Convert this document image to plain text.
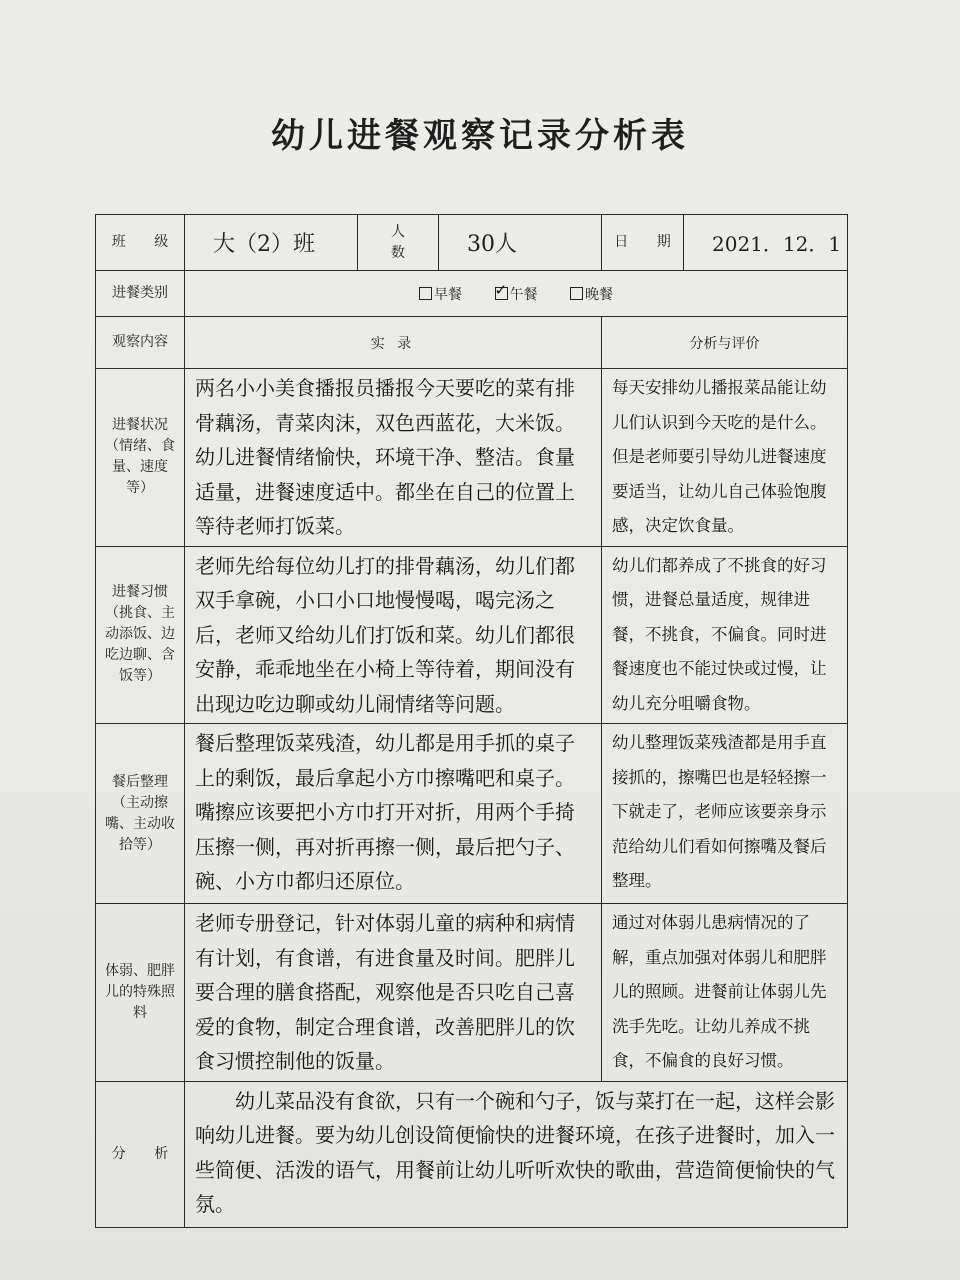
幼儿进餐观察记录分析表
班 级	大（2）班	人 数	30人	日 期	2021．12．1
进餐类别	早餐 ✓ 午餐 晚餐
观察内容	实 录			分析与评价	
进餐状况（情绪、食量、速度等）	两名小小美食播报员播报今天要吃的菜有排骨藕汤，青菜肉沫，双色西蓝花，大米饭。幼儿进餐情绪愉快，环境干净、整洁。食量适量，进餐速度适中。都坐在自己的位置上等待老师打饭菜。			每天安排幼儿播报菜品能让幼儿们认识到今天吃的是什么。但是老师要引导幼儿进餐速度要适当，让幼儿自己体验饱腹感，决定饮食量。	
进餐习惯（挑食、主动添饭、边吃边聊、含饭等）	老师先给每位幼儿打的排骨藕汤，幼儿们都双手拿碗，小口小口地慢慢喝，喝完汤之后，老师又给幼儿们打饭和菜。幼儿们都很安静，乖乖地坐在小椅上等待着，期间没有出现边吃边聊或幼儿闹情绪等问题。			幼儿们都养成了不挑食的好习惯，进餐总量适度，规律进餐，不挑食，不偏食。同时进餐速度也不能过快或过慢，让幼儿充分咀嚼食物。	
餐后整理（主动擦嘴、主动收拾等）	餐后整理饭菜残渣，幼儿都是用手抓的桌子上的剩饭，最后拿起小方巾擦嘴吧和桌子。嘴擦应该要把小方巾打开对折，用两个手掎压擦一侧，再对折再擦一侧，最后把勺子、碗、小方巾都归还原位。			幼儿整理饭菜残渣都是用手直接抓的，擦嘴巴也是轻轻擦一下就走了，老师应该要亲身示范给幼儿们看如何擦嘴及餐后整理。	
体弱、肥胖儿的特殊照料	老师专册登记，针对体弱儿童的病种和病情有计划，有食谱，有进食量及时间。肥胖儿要合理的膳食搭配，观察他是否只吃自己喜爱的食物，制定合理食谱，改善肥胖儿的饮食习惯控制他的饭量。			通过对体弱儿患病情况的了解，重点加强对体弱儿和肥胖儿的照顾。进餐前让体弱儿先洗手先吃。让幼儿养成不挑食，不偏食的良好习惯。	
分 析	幼儿菜品没有食欲，只有一个碗和勺子，饭与菜打在一起，这样会影响幼儿进餐。要为幼儿创设简便愉快的进餐环境，在孩子进餐时，加入一些简便、活泼的语气，用餐前让幼儿听听欢快的歌曲，营造简便愉快的气氛。				
